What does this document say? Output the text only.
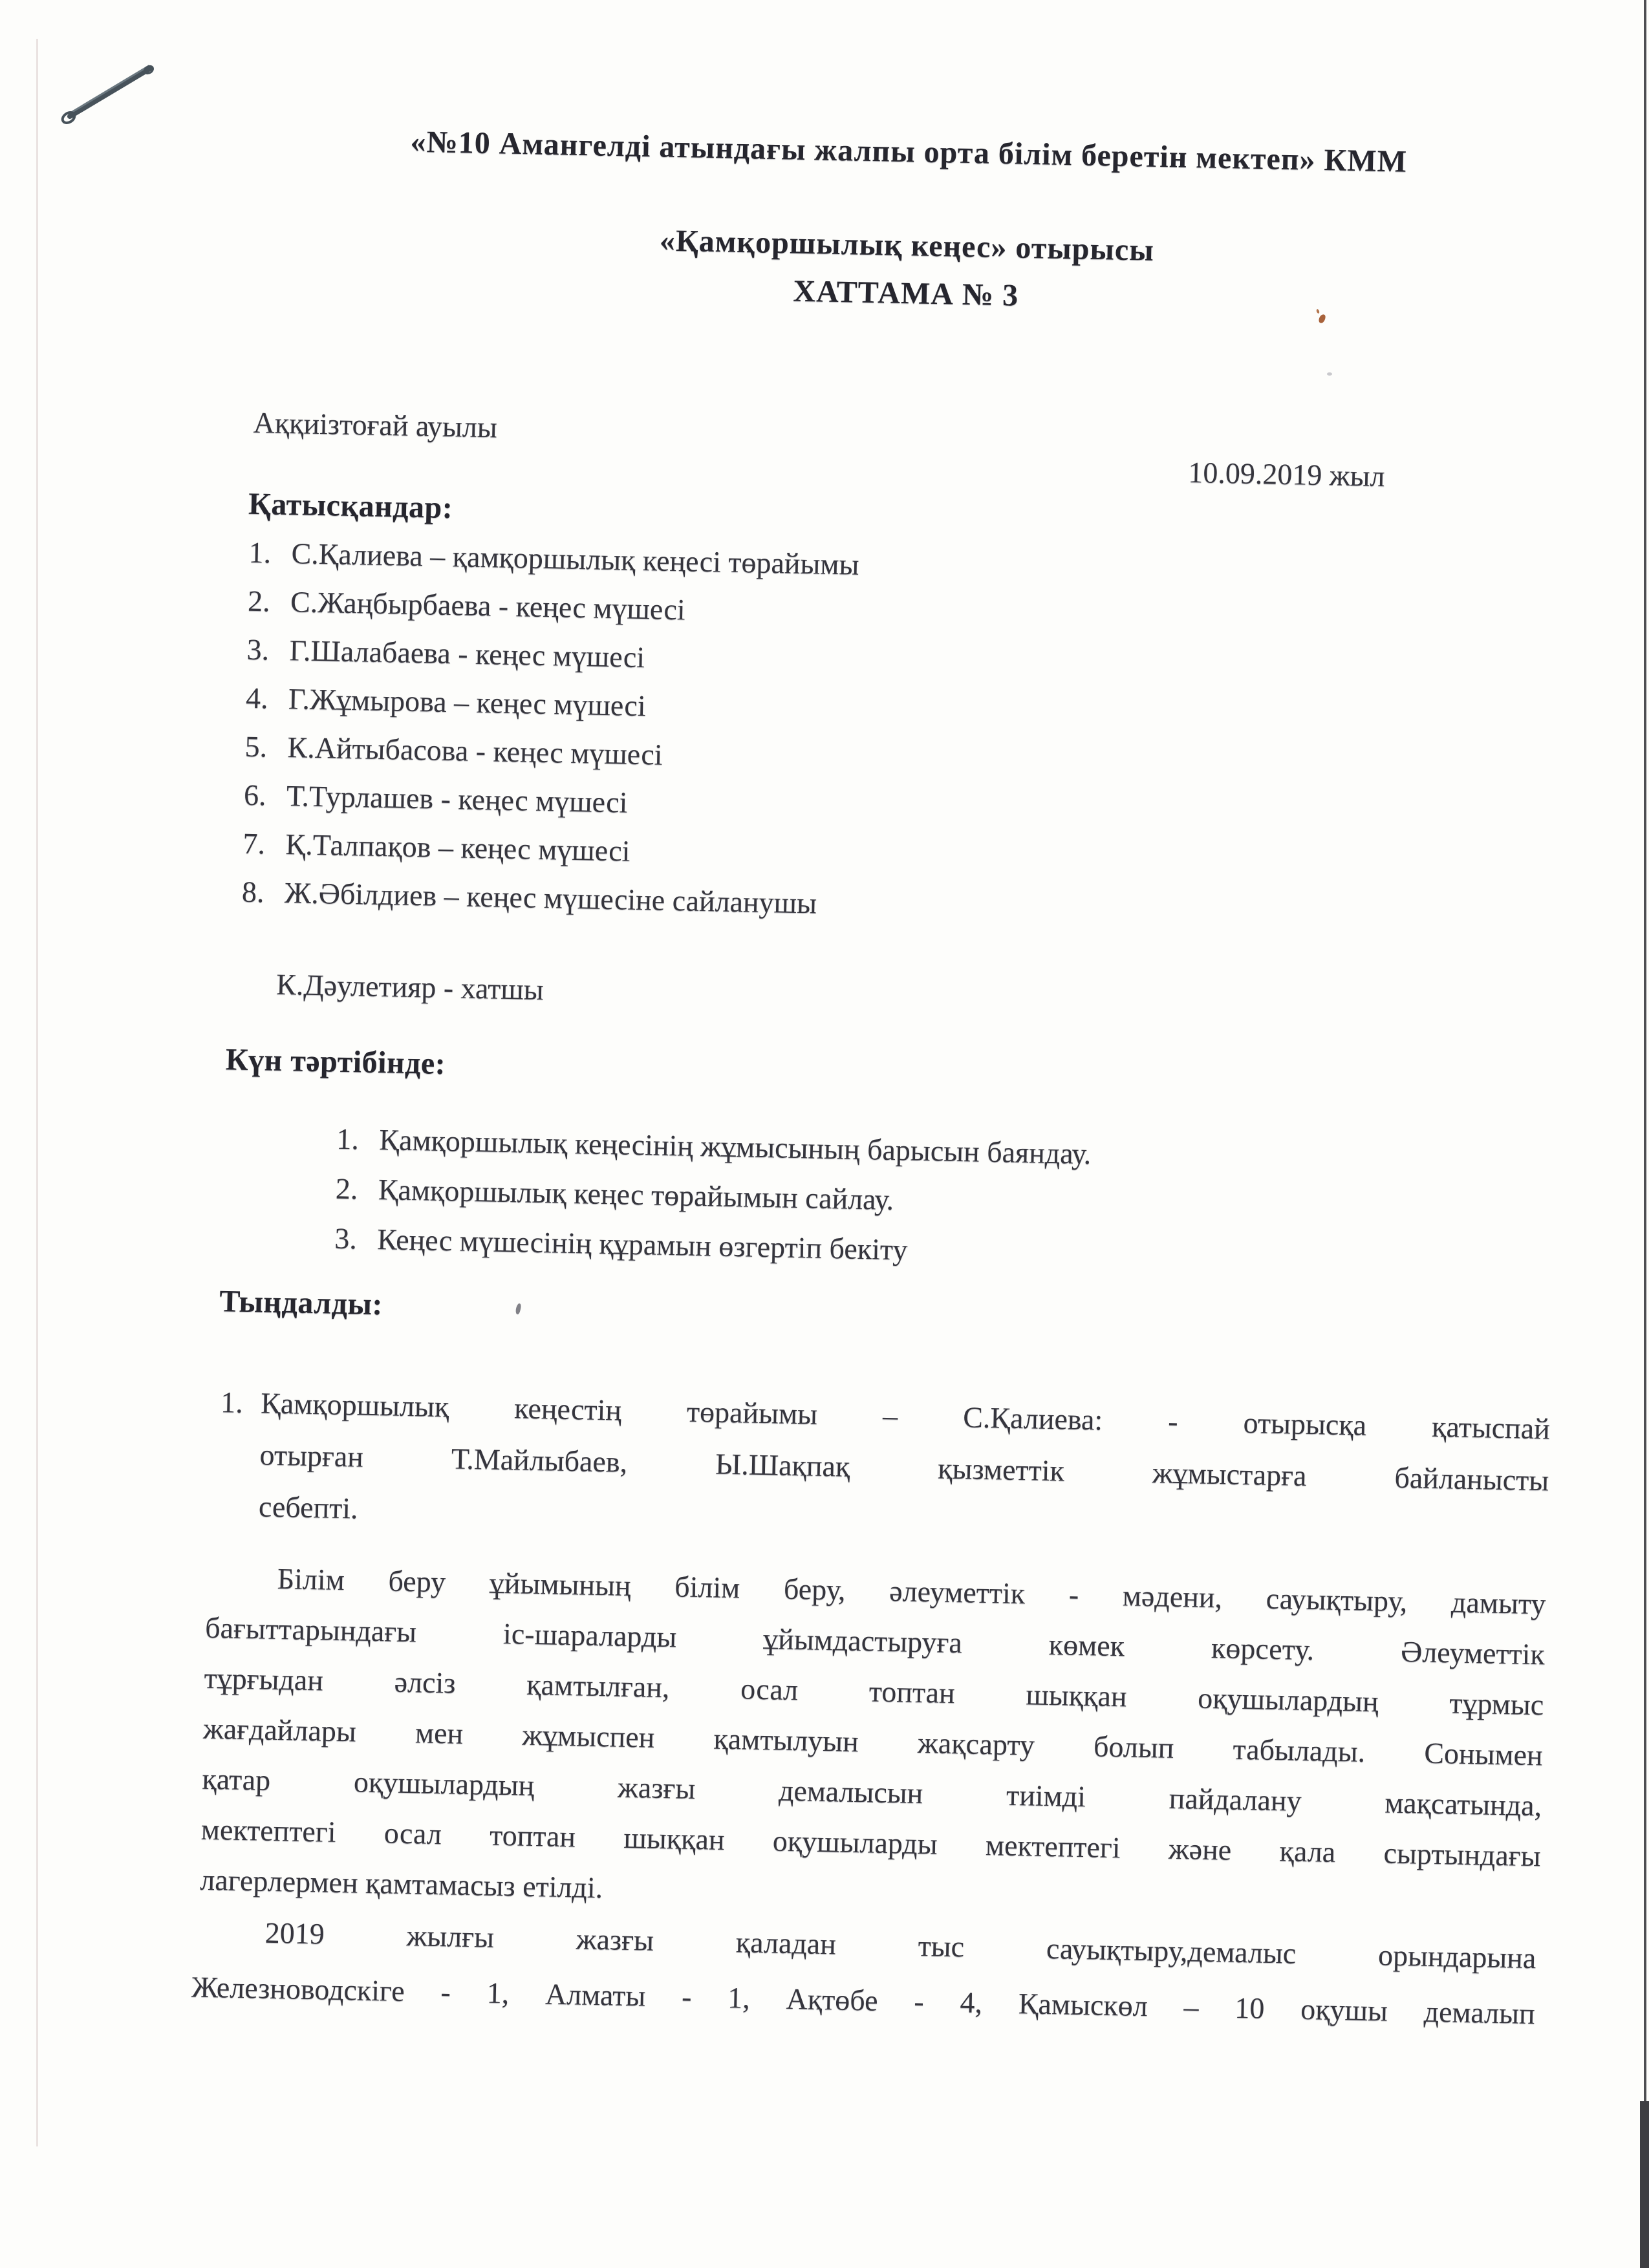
«№10 Амангелді атындағы жалпы орта білім беретін мектеп» КММ
«Қамқоршылық кеңес» отырысы
ХАТТАМА № 3
Аққиізтоғай ауылы
10.09.2019 жыл
Қатысқандар:
С.Қалиева – қамқоршылық кеңесі төрайымы
С.Жаңбырбаева - кеңес мүшесі
Г.Шалабаева - кеңес мүшесі
Г.Жұмырова – кеңес мүшесі
К.Айтыбасова - кеңес мүшесі
Т.Турлашев - кеңес мүшесі
Қ.Талпақов – кеңес мүшесі
Ж.Әбілдиев – кеңес мүшесіне сайланушы
К.Дәулетияр - хатшы
Күн тәртібінде:
Қамқоршылық кеңесінің жұмысының барысын баяндау.
Қамқоршылық кеңес төрайымын сайлау.
Кеңес мүшесінің құрамын өзгертіп бекіту
Тыңдалды:
1. Қамқоршылық кеңестің төрайымы – С.Қалиева: - отырысқа қатыспай
отырған Т.Майлыбаев, Ы.Шақпақ қызметтік жұмыстарға байланысты
себепті.
Білім беру ұйымының білім беру, әлеуметтік - мәдени, сауықтыру, дамыту
бағыттарындағы іс-шараларды ұйымдастыруға көмек көрсету. Әлеуметтік
тұрғыдан әлсіз қамтылған, осал топтан шыққан оқушылардың тұрмыс
жағдайлары мен жұмыспен қамтылуын жақсарту болып табылады. Сонымен
қатар оқушылардың жазғы демалысын тиімді пайдалану мақсатында,
мектептегі осал топтан шыққан оқушыларды мектептегі және қала сыртындағы
лагерлермен қамтамасыз етілді.
2019 жылғы жазғы қаладан тыс сауықтыру,демалыс орындарына
Железноводскіге - 1, Алматы - 1, Ақтөбе - 4, Қамыскөл – 10 оқушы демалып
